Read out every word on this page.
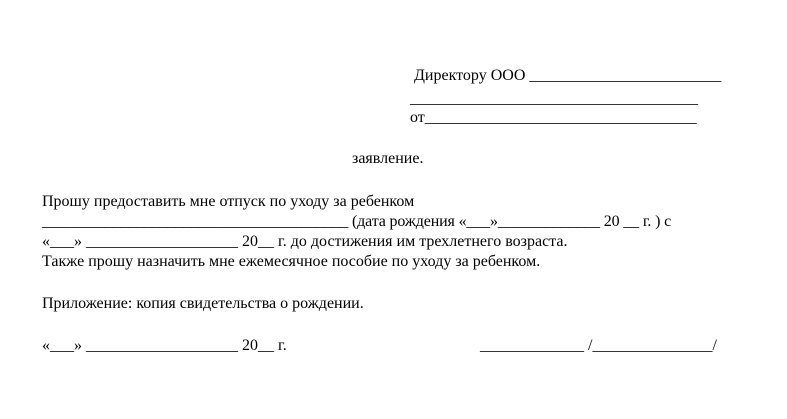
Директору ООО ________________________
____________________________________
от__________________________________
заявление.
Прошу предоставить мне отпуск по уходу за ребенком
_______________________________________ (дата рождения «___»_____________ 20 __ г. ) с
«___» ___________________ 20__ г. до достижения им трехлетнего возраста.
Также прошу назначить мне ежемесячное пособие по уходу за ребенком.
Приложение: копия свидетельства о рождении.
«___» ___________________ 20__ г.	_____________ /_______________/
